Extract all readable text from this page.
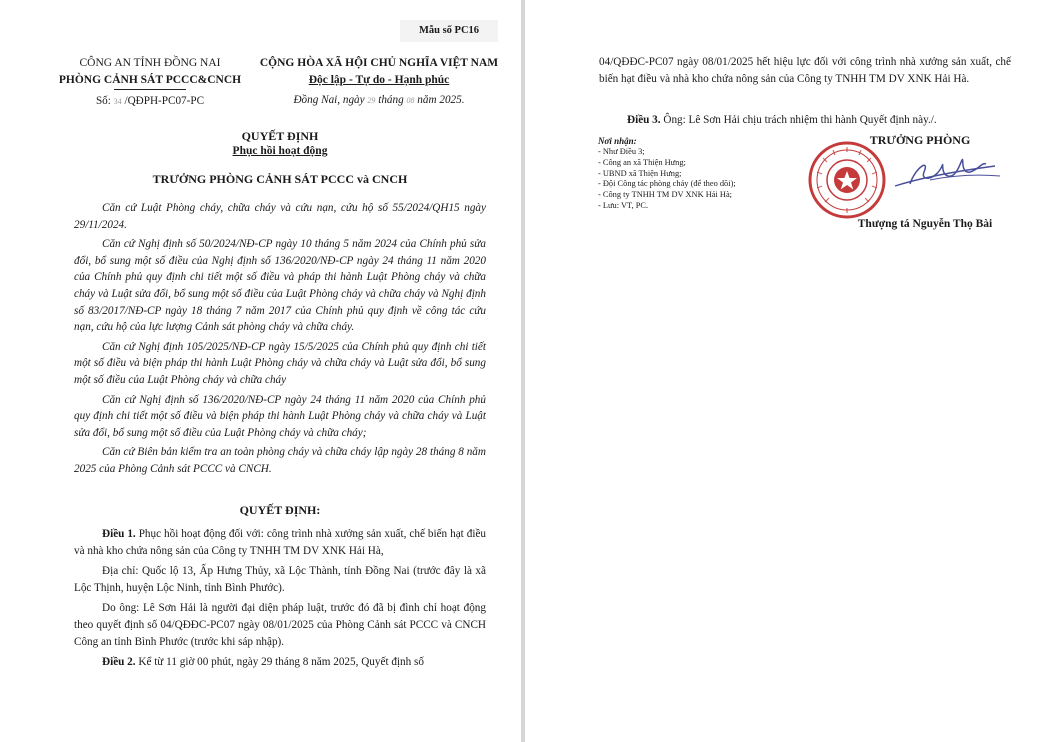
Mẫu số PC16
CÔNG AN TỈNH ĐỒNG NAI
PHÒNG CẢNH SÁT PCCC&CNCH
Số: 34 /QĐPH-PC07-PC
CỘNG HÒA XÃ HỘI CHỦ NGHĨA VIỆT NAM
Độc lập - Tự do - Hạnh phúc
Đồng Nai, ngày 29 tháng 08 năm 2025.
QUYẾT ĐỊNH
Phục hồi hoạt động
TRƯỞNG PHÒNG CẢNH SÁT PCCC và CNCH
Căn cứ Luật Phòng cháy, chữa cháy và cứu nạn, cứu hộ số 55/2024/QH15 ngày 29/11/2024.
Căn cứ Nghị định số 50/2024/NĐ-CP ngày 10 tháng 5 năm 2024 của Chính phủ sửa đổi, bổ sung một số điều của Nghị định số 136/2020/NĐ-CP ngày 24 tháng 11 năm 2020 của Chính phủ quy định chi tiết một số điều và pháp thi hành Luật Phòng cháy và chữa cháy và Luật sửa đổi, bổ sung một số điều của Luật Phòng cháy và chữa cháy và Nghị định số 83/2017/NĐ-CP ngày 18 tháng 7 năm 2017 của Chính phủ quy định về công tác cứu nạn, cứu hộ của lực lượng Cảnh sát phòng cháy và chữa cháy.
Căn cứ Nghị định 105/2025/NĐ-CP ngày 15/5/2025 của Chính phủ quy định chi tiết một số điều và biện pháp thi hành Luật Phòng cháy và chữa cháy và Luật sửa đổi, bổ sung một số điều của Luật Phòng cháy và chữa cháy
Căn cứ Nghị định số 136/2020/NĐ-CP ngày 24 tháng 11 năm 2020 của Chính phủ quy định chi tiết một số điều và biện pháp thi hành Luật Phòng cháy và chữa cháy và Luật sửa đổi, bổ sung một số điều của Luật Phòng cháy và chữa cháy;
Căn cứ Biên bản kiểm tra an toàn phòng cháy và chữa cháy lập ngày 28 tháng 8 năm 2025 của Phòng Cảnh sát PCCC và CNCH.
QUYẾT ĐỊNH:
Điều 1. Phục hồi hoạt động đối với: công trình nhà xưởng sản xuất, chế biến hạt điều và nhà kho chứa nông sản của Công ty TNHH TM DV XNK Hải Hà,
Địa chỉ: Quốc lộ 13, Ấp Hưng Thủy, xã Lộc Thành, tỉnh Đồng Nai (trước đây là xã Lộc Thịnh, huyện Lộc Ninh, tỉnh Bình Phước).
Do ông: Lê Sơn Hải là người đại diện pháp luật, trước đó đã bị đình chỉ hoạt động theo quyết định số 04/QĐĐC-PC07 ngày 08/01/2025 của Phòng Cảnh sát PCCC và CNCH Công an tỉnh Bình Phước (trước khi sáp nhập).
Điều 2. Kể từ 11 giờ 00 phút, ngày 29 tháng 8 năm 2025, Quyết định số
04/QĐĐC-PC07 ngày 08/01/2025 hết hiệu lực đối với công trình nhà xưởng sản xuất, chế biến hạt điều và nhà kho chứa nông sản của Công ty TNHH TM DV XNK Hải Hà.
Điều 3. Ông: Lê Sơn Hải chịu trách nhiệm thi hành Quyết định này./.
Nơi nhận:
- Như Điều 3;
- Công an xã Thiện Hưng;
- UBND xã Thiện Hưng;
- Đội Công tác phòng cháy (để theo dõi);
- Công ty TNHH TM DV XNK Hải Hà;
- Lưu: VT, PC.
TRƯỞNG PHÒNG
Thượng tá Nguyễn Thọ Bài
